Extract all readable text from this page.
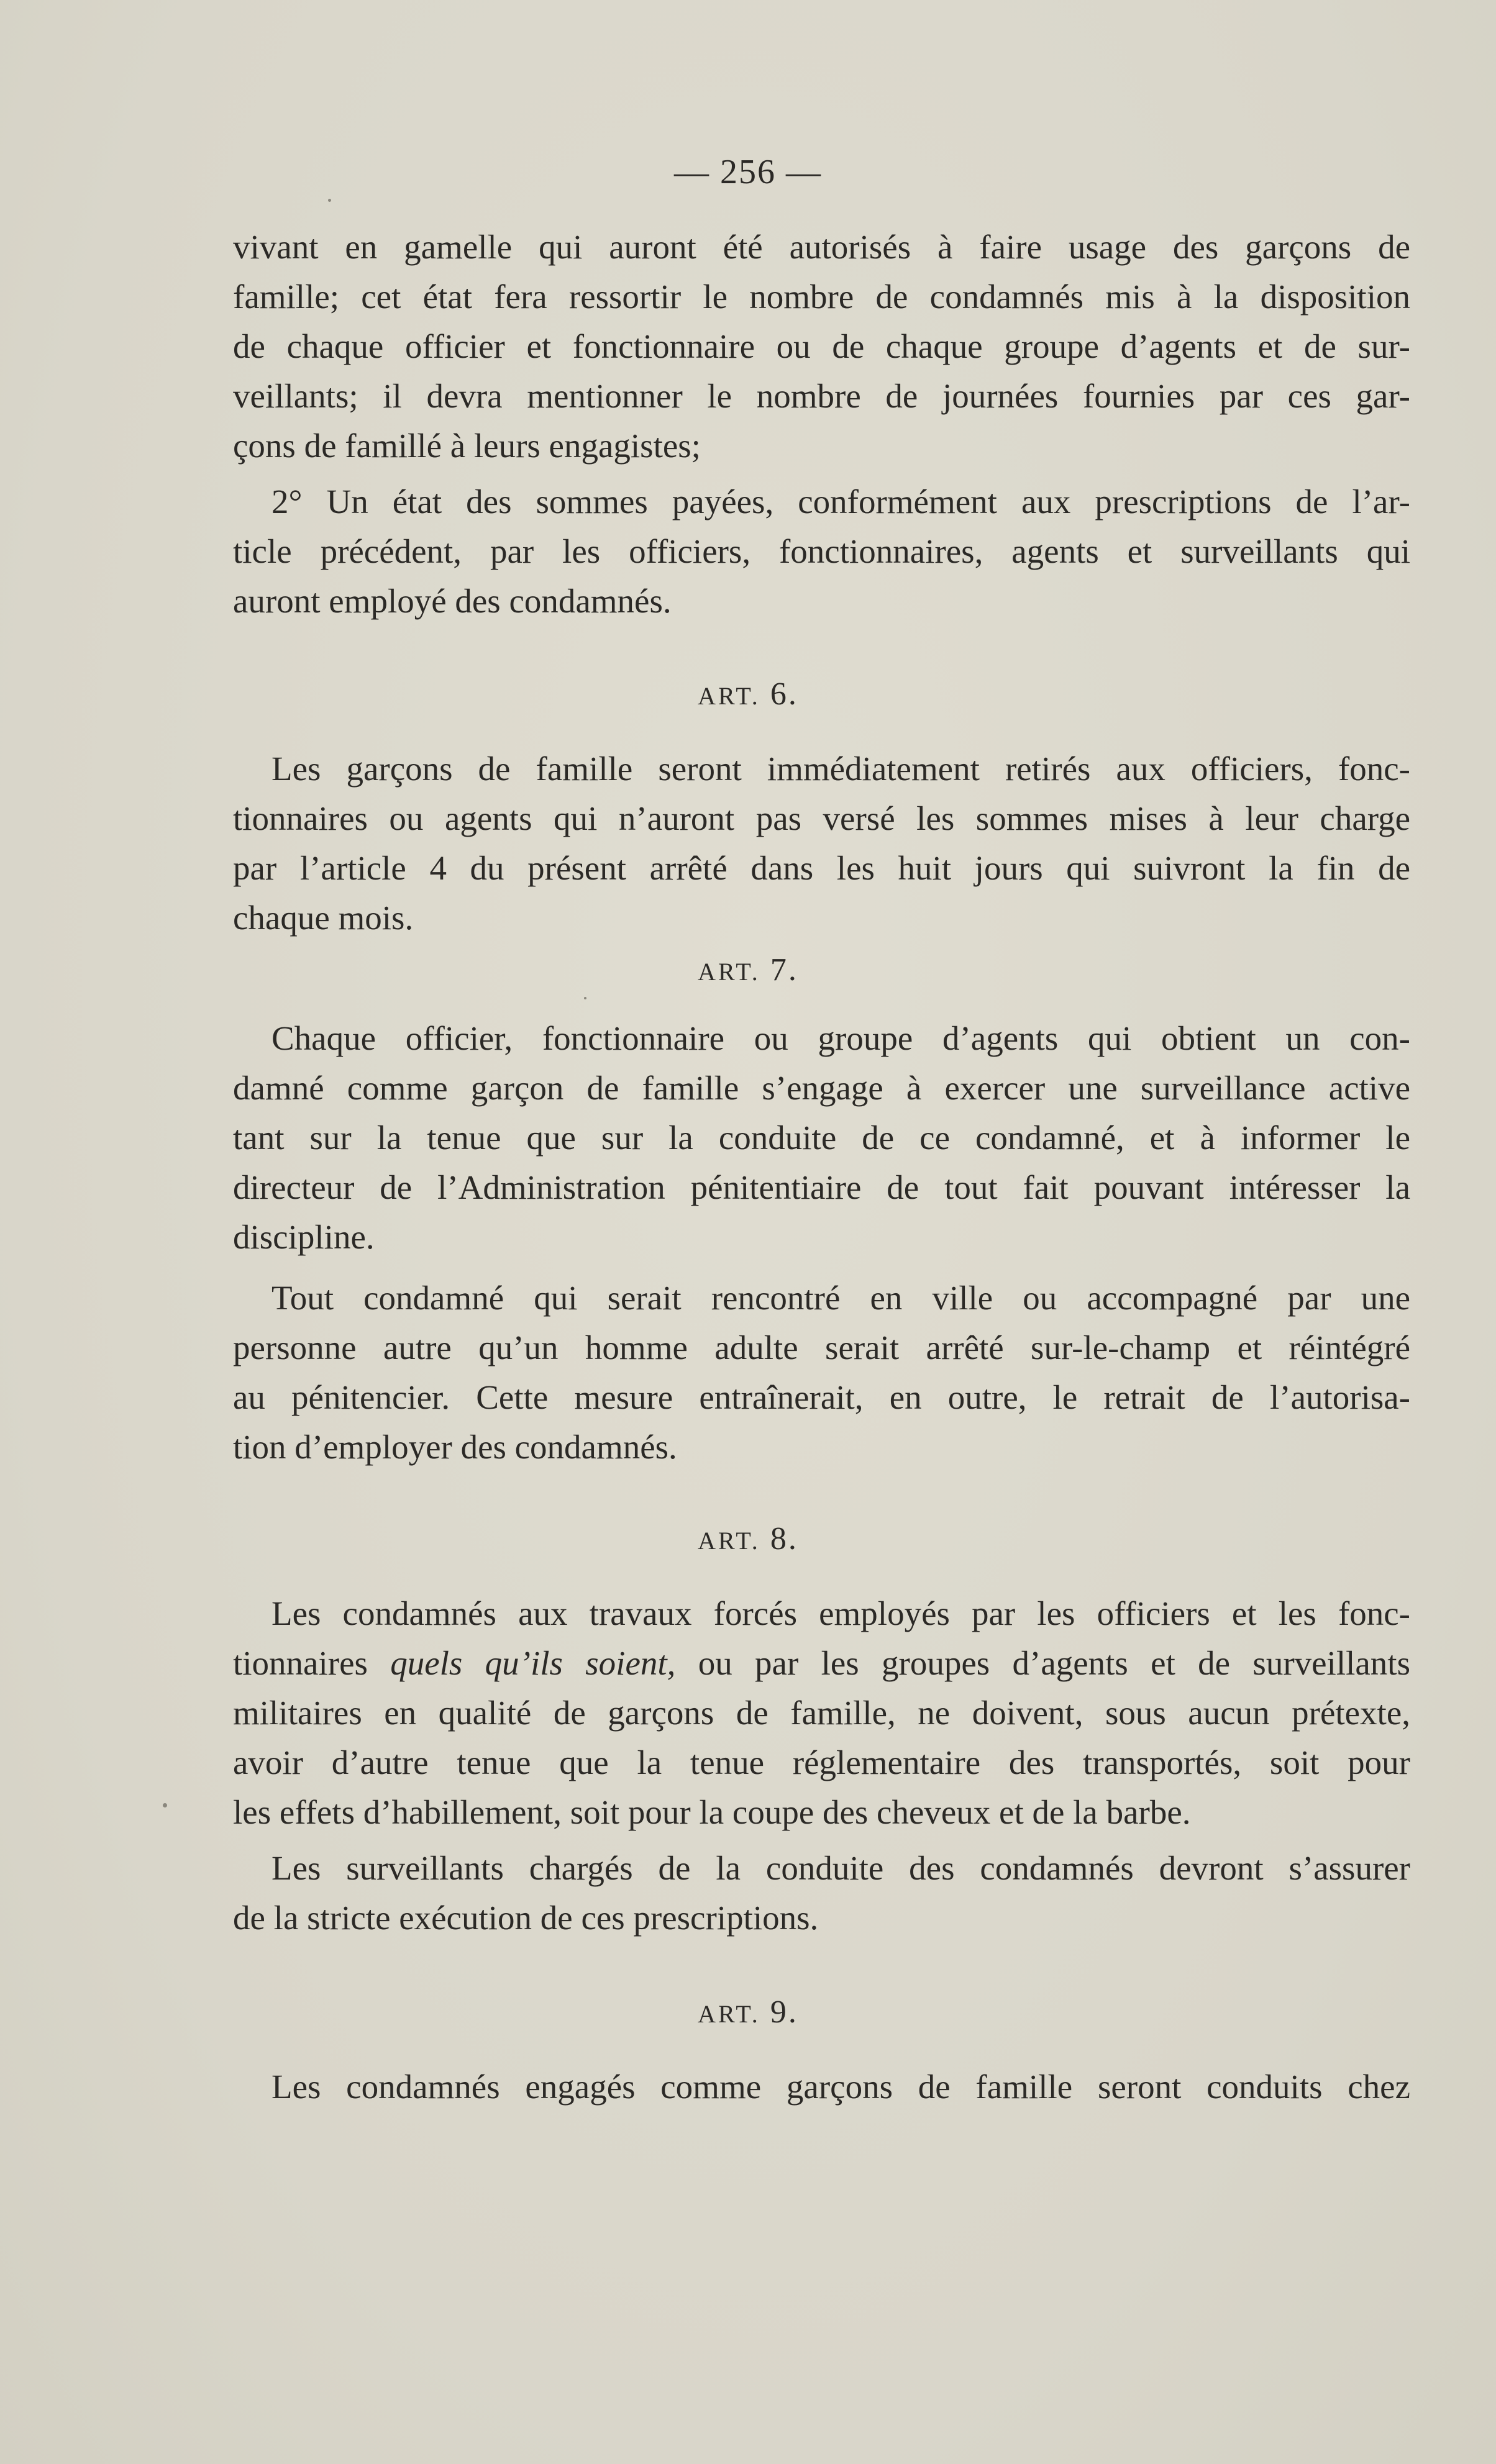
— 256 —
vivant en gamelle qui auront été autorisés à faire usage des garçons de
famille; cet état fera ressortir le nombre de condamnés mis à la disposition
de chaque officier et fonctionnaire ou de chaque groupe d’agents et de sur-
veillants; il devra mentionner le nombre de journées fournies par ces gar-
çons de famillé à leurs engagistes;
2° Un état des sommes payées, conformément aux prescriptions de l’ar-
ticle précédent, par les officiers, fonctionnaires, agents et surveillants qui
auront employé des condamnés.
ART. 6.
Les garçons de famille seront immédiatement retirés aux officiers, fonc-
tionnaires ou agents qui n’auront pas versé les sommes mises à leur charge
par l’article 4 du présent arrêté dans les huit jours qui suivront la fin de
chaque mois.
ART. 7.
Chaque officier, fonctionnaire ou groupe d’agents qui obtient un con-
damné comme garçon de famille s’engage à exercer une surveillance active
tant sur la tenue que sur la conduite de ce condamné, et à informer le
directeur de l’Administration pénitentiaire de tout fait pouvant intéresser la
discipline.
Tout condamné qui serait rencontré en ville ou accompagné par une
personne autre qu’un homme adulte serait arrêté sur-le-champ et réintégré
au pénitencier. Cette mesure entraînerait, en outre, le retrait de l’autorisa-
tion d’employer des condamnés.
ART. 8.
Les condamnés aux travaux forcés employés par les officiers et les fonc-
tionnaires quels qu’ils soient, ou par les groupes d’agents et de surveillants
militaires en qualité de garçons de famille, ne doivent, sous aucun prétexte,
avoir d’autre tenue que la tenue réglementaire des transportés, soit pour
les effets d’habillement, soit pour la coupe des cheveux et de la barbe.
Les surveillants chargés de la conduite des condamnés devront s’assurer
de la stricte exécution de ces prescriptions.
ART. 9.
Les condamnés engagés comme garçons de famille seront conduits chez
